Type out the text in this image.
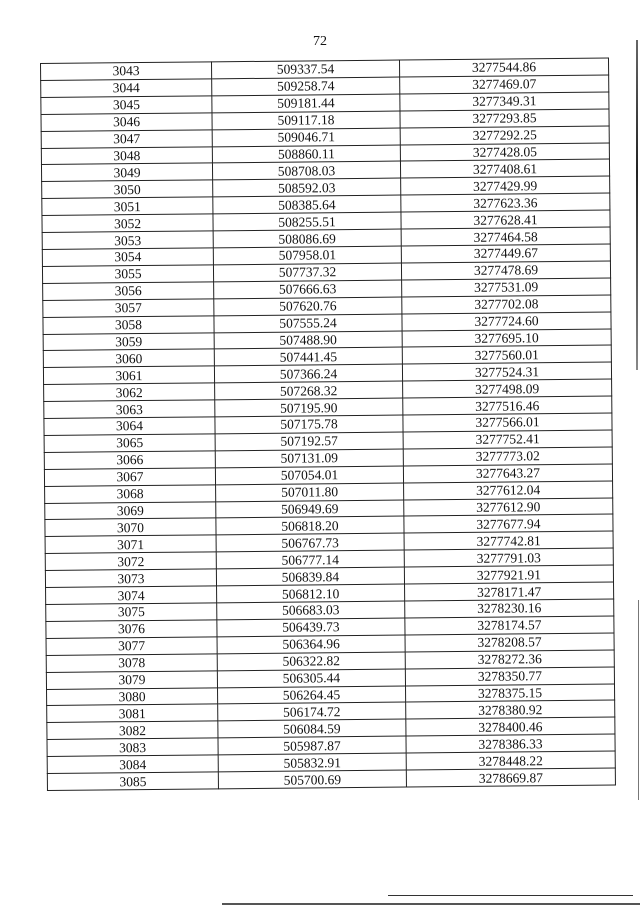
72
3043	509337.54	3277544.86
3044	509258.74	3277469.07
3045	509181.44	3277349.31
3046	509117.18	3277293.85
3047	509046.71	3277292.25
3048	508860.11	3277428.05
3049	508708.03	3277408.61
3050	508592.03	3277429.99
3051	508385.64	3277623.36
3052	508255.51	3277628.41
3053	508086.69	3277464.58
3054	507958.01	3277449.67
3055	507737.32	3277478.69
3056	507666.63	3277531.09
3057	507620.76	3277702.08
3058	507555.24	3277724.60
3059	507488.90	3277695.10
3060	507441.45	3277560.01
3061	507366.24	3277524.31
3062	507268.32	3277498.09
3063	507195.90	3277516.46
3064	507175.78	3277566.01
3065	507192.57	3277752.41
3066	507131.09	3277773.02
3067	507054.01	3277643.27
3068	507011.80	3277612.04
3069	506949.69	3277612.90
3070	506818.20	3277677.94
3071	506767.73	3277742.81
3072	506777.14	3277791.03
3073	506839.84	3277921.91
3074	506812.10	3278171.47
3075	506683.03	3278230.16
3076	506439.73	3278174.57
3077	506364.96	3278208.57
3078	506322.82	3278272.36
3079	506305.44	3278350.77
3080	506264.45	3278375.15
3081	506174.72	3278380.92
3082	506084.59	3278400.46
3083	505987.87	3278386.33
3084	505832.91	3278448.22
3085	505700.69	3278669.87
